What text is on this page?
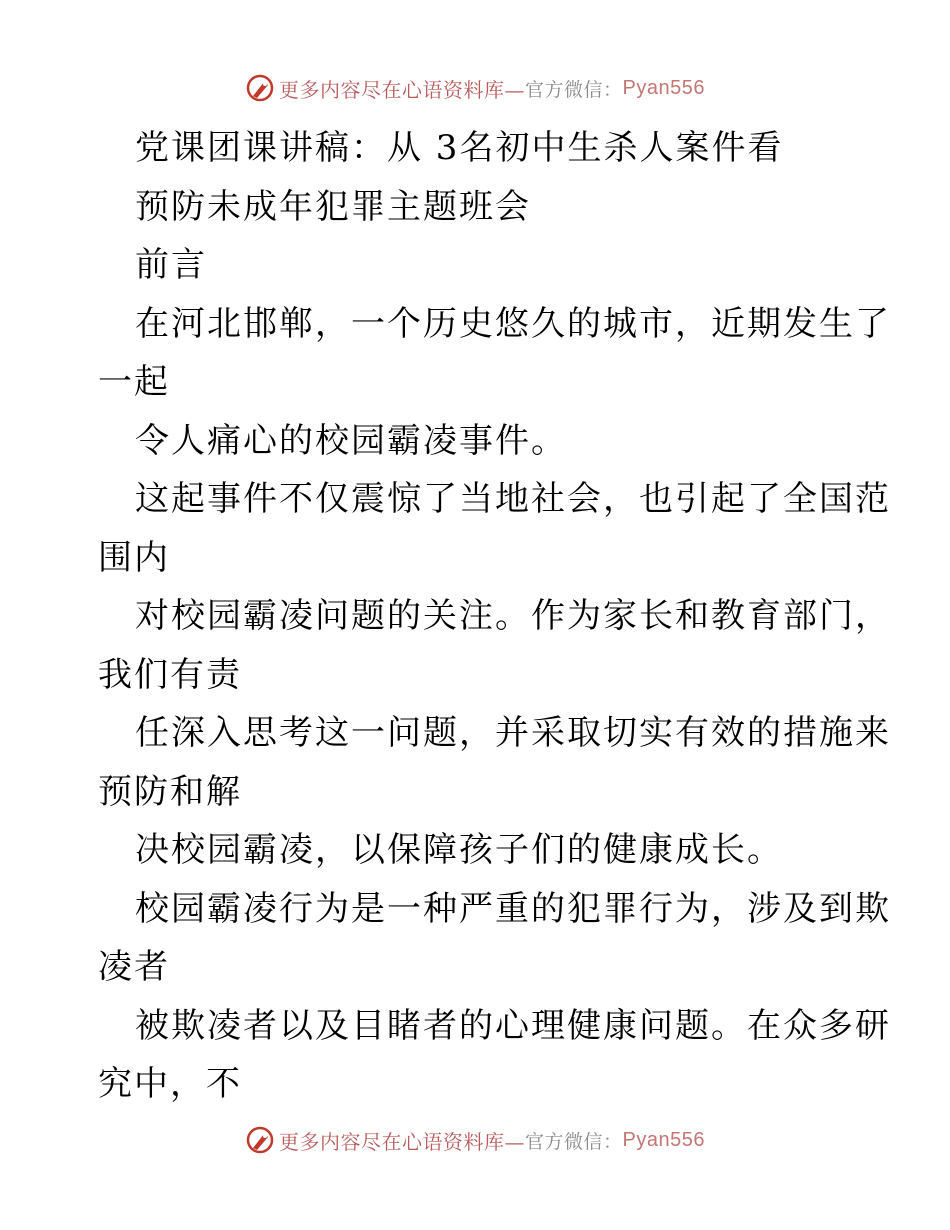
更多内容尽在心语资料库— 官方微信： Pyan556
党课团课讲稿：从 3名初中生杀人案件看
预防未成年犯罪主题班会
前言
在河北邯郸，一个历史悠久的城市，近期发生了
一起
令人痛心的校园霸凌事件。
这起事件不仅震惊了当地社会，也引起了全国范
围内
对校园霸凌问题的关注。作为家长和教育部门，
我们有责
任深入思考这一问题，并采取切实有效的措施来
预防和解
决校园霸凌，以保障孩子们的健康成长。
校园霸凌行为是一种严重的犯罪行为，涉及到欺
凌者
被欺凌者以及目睹者的心理健康问题。在众多研
究中，不
更多内容尽在心语资料库— 官方微信： Pyan556
